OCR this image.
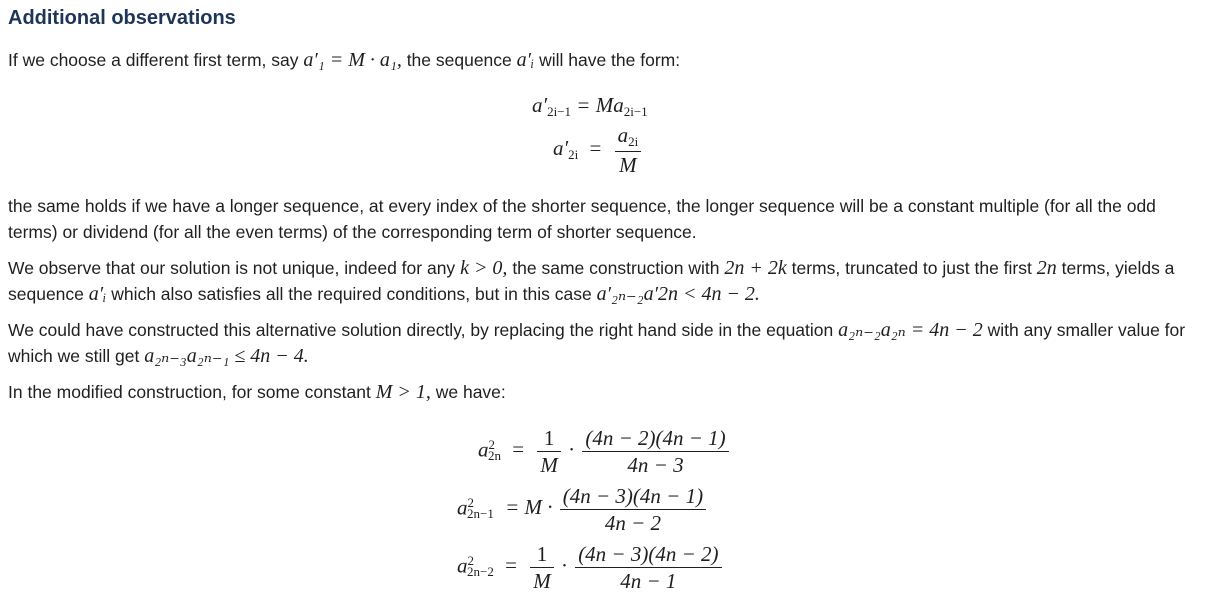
Additional observations

If we choose a different first term, say a′₁ = M · a₁, the sequence a′ᵢ will have the form:

a′2i−1 = Ma2i−1
$a'2i = \frac{a2i}{M}$

the same holds if we have a longer sequence, at every index of the shorter sequence, the longer sequence will be a constant multiple (for all the odd terms) or dividend (for all the even terms) of the corresponding term of shorter sequence.

We observe that our solution is not unique, indeed for any k > 0, the same construction with 2n + 2k terms, truncated to just the first 2n terms, yields a sequence a′ᵢ which also satisfies all the required conditions, but in this case a′₂ₙ₋₂a′2n < 4n − 2.

We could have constructed this alternative solution directly, by replacing the right hand side in the equation a₂ₙ₋₂a₂ₙ = 4n − 2 with any smaller value for which we still get a₂ₙ₋₃a₂ₙ₋₁ ≤ 4n − 4.

In the modified construction, for some constant M > 1, we have:

$a^22n = \frac{1}{M} \cdot \frac{(4n - 2)(4n - 1)}{4n - 3}$
$a^22n-1 = M \cdot \frac{(4n - 3)(4n - 1)}{4n - 2}$
$a^22n-2 = \frac{1}{M} \cdot \frac{(4n - 3)(4n - 2)}{4n - 1}$
